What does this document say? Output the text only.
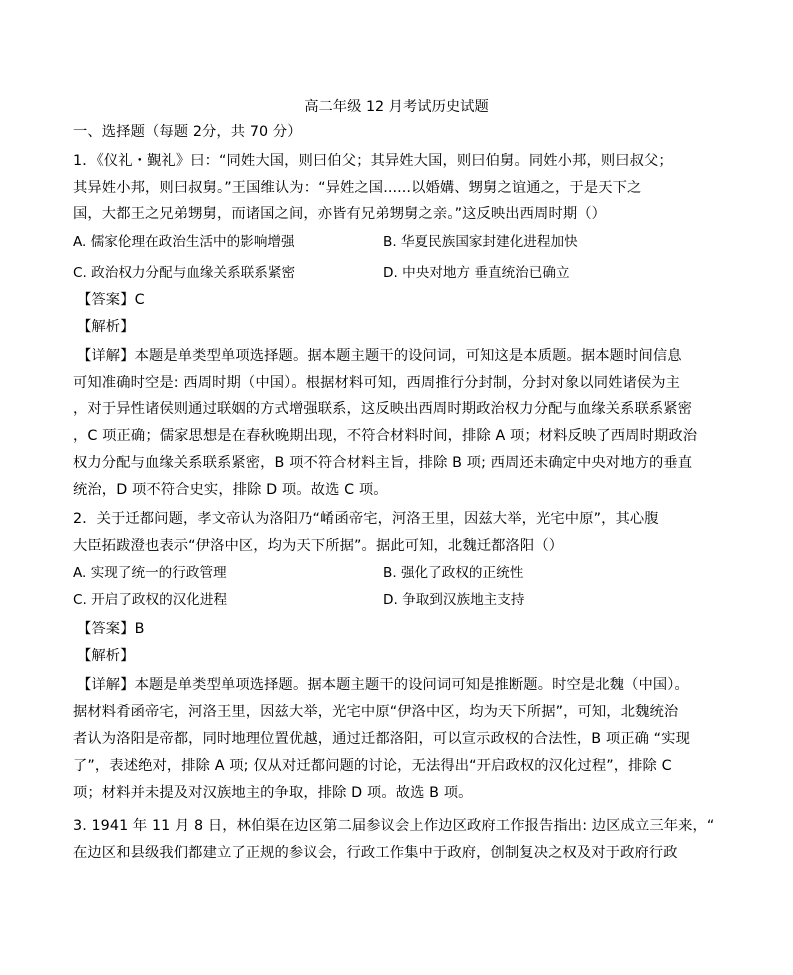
高二年级 12 月考试历史试题
一、选择题（每题 2分，共 70 分）
1．《仪礼・覲礼》曰：“同姓大国，则曰伯父；其异姓大国，则曰伯舅。同姓小邦，则曰叔父；
其异姓小邦，则曰叔舅。”王国维认为：“异姓之国......以婚媾、甥舅之谊通之，于是天下之
国，大都王之兄弟甥舅，而诸国之间，亦皆有兄弟甥舅之亲。”这反映出西周时期（）
A. 儒家伦理在政治生活中的影响增强	B. 华夏民族国家封建化进程加快
C. 政治权力分配与血缘关系联系紧密	D. 中央对地方 垂直统治已确立
【答案】C
【解析】
【详解】本题是单类型单项选择题。据本题主题干的设问词，可知这是本质题。据本题时间信息
可知准确时空是: 西周时期（中国）。根据材料可知，西周推行分封制，分封对象以同姓诸侯为主
，对于异性诸侯则通过联姻的方式增强联系，这反映出西周时期政治权力分配与血缘关系联系紧密
，C 项正确；儒家思想是在春秋晚期出现，不符合材料时间，排除 A 项；材料反映了西周时期政治
权力分配与血缘关系联系紧密，B 项不符合材料主旨，排除 B 项; 西周还未确定中央对地方的垂直
统治，D 项不符合史实，排除 D 项。故选 C 项。
2．关于迁都问题，孝文帝认为洛阳乃“崤函帝宅，河洛王里，因兹大举，光宅中原”，其心腹
大臣拓跋澄也表示“伊洛中区，均为天下所据”。据此可知，北魏迁都洛阳（）
A. 实现了统一的行政管理	B. 强化了政权的正统性
C. 开启了政权的汉化进程	D. 争取到汉族地主支持
【答案】B
【解析】
【详解】本题是单类型单项选择题。据本题主题干的设问词可知是推断题。时空是北魏（中国）。
据材料肴函帝宅，河洛王里，因兹大举，光宅中原“伊洛中区，均为天下所据”，可知，北魏统治
者认为洛阳是帝都，同时地理位置优越，通过迁都洛阳，可以宣示政权的合法性，B 项正确 “实现
了”，表述绝对，排除 A 项; 仅从对迁都问题的讨论，无法得出“开启政权的汉化过程”，排除 C
项；材料并未提及对汉族地主的争取，排除 D 项。故选 B 项。
3. 1941 年 11 月 8 日，林伯渠在边区第二届参议会上作边区政府工作报告指出: 边区成立三年来，“
在边区和县级我们都建立了正规的参议会，行政工作集中于政府，创制复决之权及对于政府行政
